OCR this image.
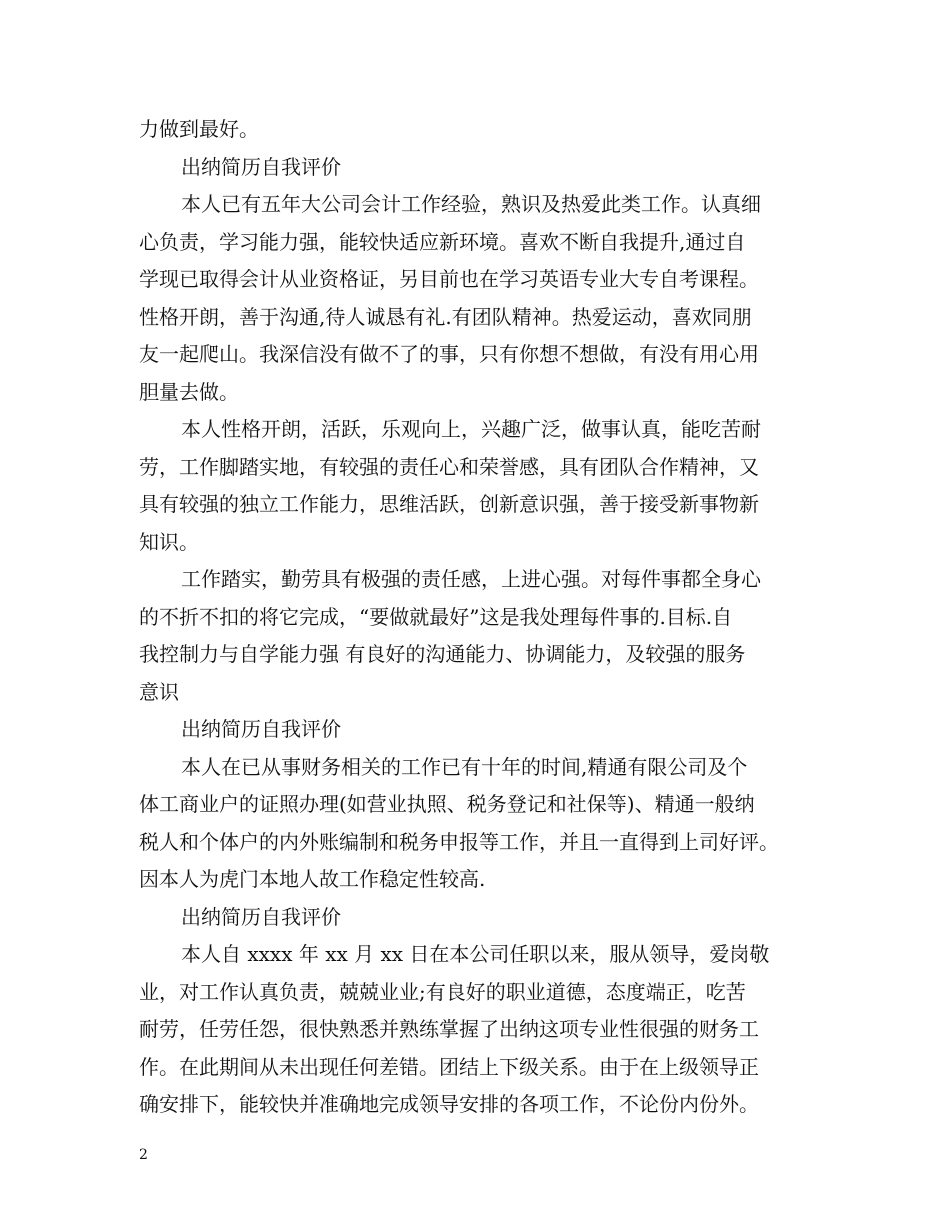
力做到最好。
出纳简历自我评价
本人已有五年大公司会计工作经验，熟识及热爱此类工作。认真细
心负责，学习能力强，能较快适应新环境。喜欢不断自我提升,通过自
学现已取得会计从业资格证，另目前也在学习英语专业大专自考课程。
性格开朗，善于沟通,待人诚恳有礼.有团队精神。热爱运动，喜欢同朋
友一起爬山。我深信没有做不了的事，只有你想不想做，有没有用心用
胆量去做。
本人性格开朗，活跃，乐观向上，兴趣广泛，做事认真，能吃苦耐
劳，工作脚踏实地，有较强的责任心和荣誉感，具有团队合作精神，又
具有较强的独立工作能力，思维活跃，创新意识强，善于接受新事物新
知识。
工作踏实，勤劳具有极强的责任感，上进心强。对每件事都全身心
的不折不扣的将它完成，“要做就最好”这是我处理每件事的.目标.自
我控制力与自学能力强 有良好的沟通能力、协调能力，及较强的服务
意识
出纳简历自我评价
本人在已从事财务相关的工作已有十年的时间,精通有限公司及个
体工商业户的证照办理(如营业执照、税务登记和社保等)、精通一般纳
税人和个体户的内外账编制和税务申报等工作，并且一直得到上司好评。
因本人为虎门本地人故工作稳定性较高.
出纳简历自我评价
本人自 xxxx 年 xx 月 xx 日在本公司任职以来，服从领导，爱岗敬
业，对工作认真负责，兢兢业业;有良好的职业道德，态度端正，吃苦
耐劳，任劳任怨，很快熟悉并熟练掌握了出纳这项专业性很强的财务工
作。在此期间从未出现任何差错。团结上下级关系。由于在上级领导正
确安排下，能较快并准确地完成领导安排的各项工作，不论份内份外。
2
